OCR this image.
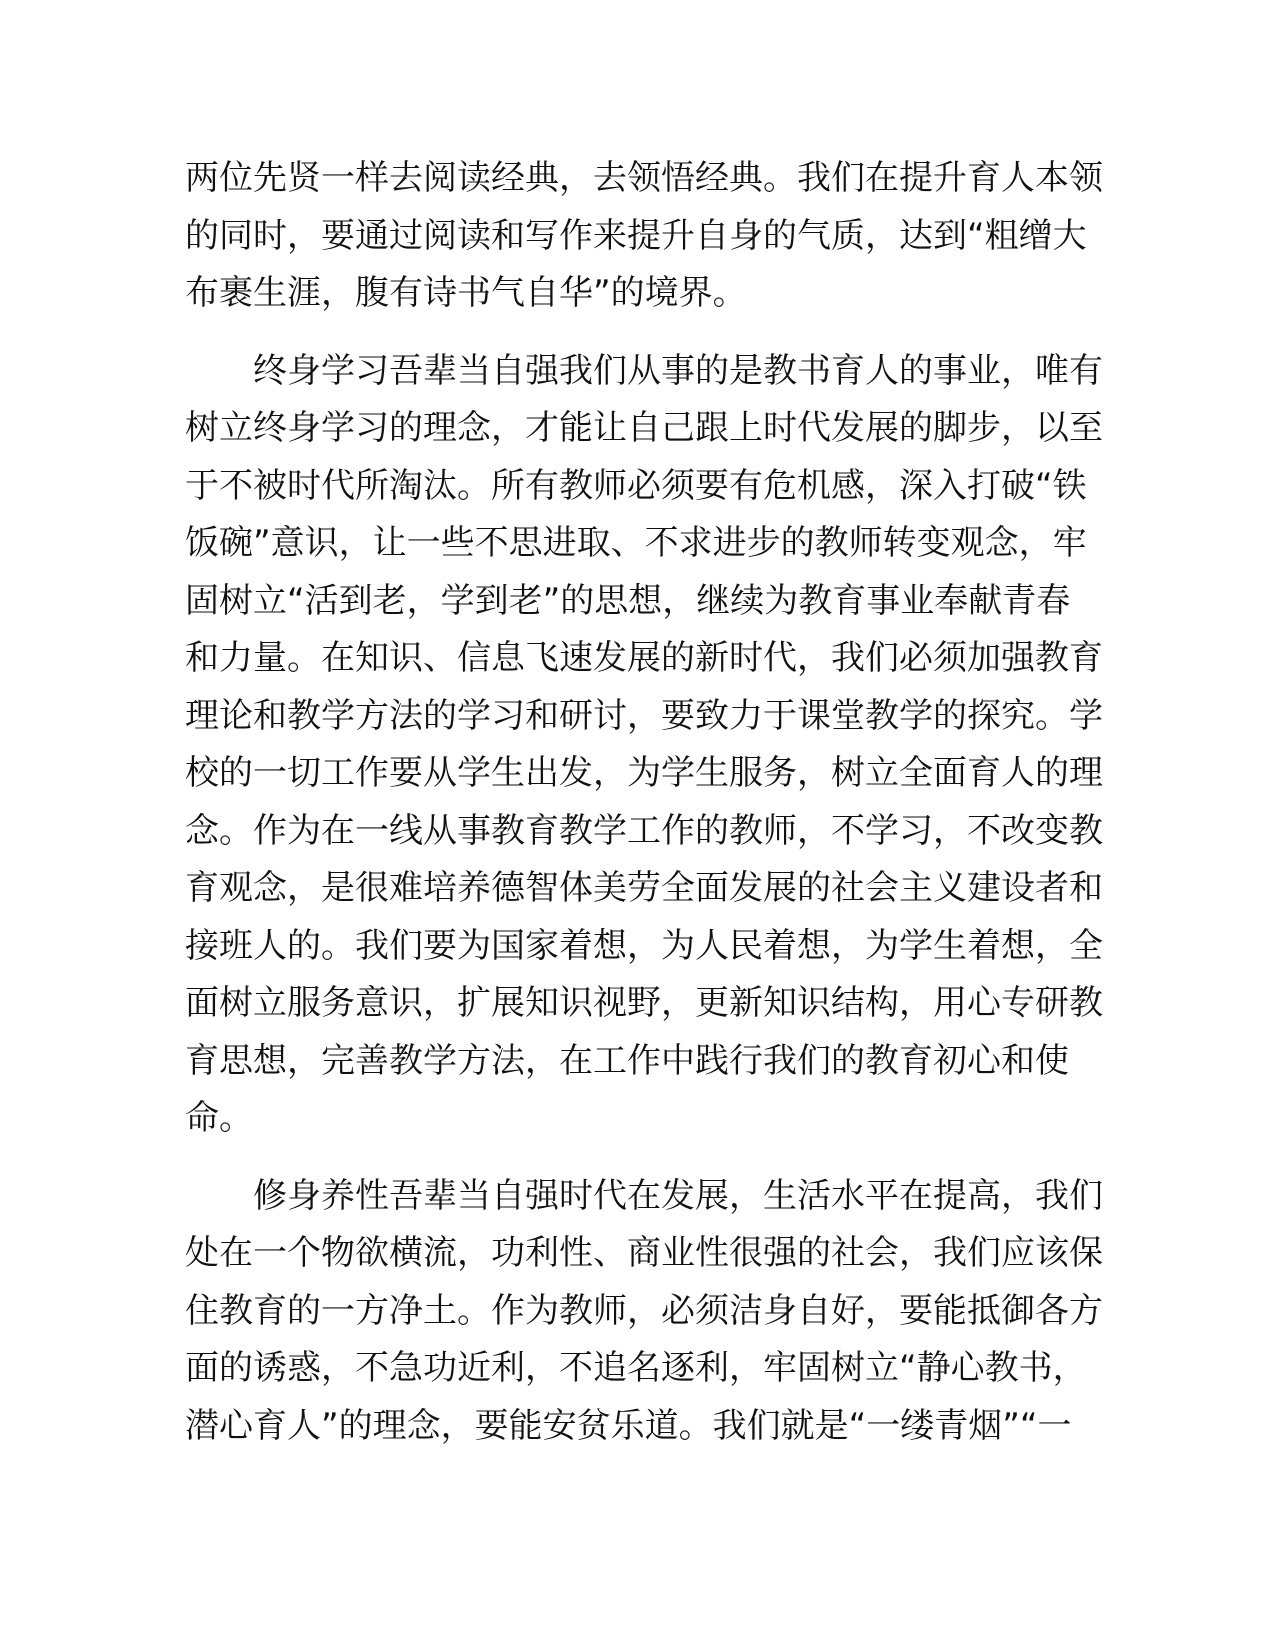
两位先贤一样去阅读经典，去领悟经典。我们在提升育人本领
的同时，要通过阅读和写作来提升自身的气质，达到“粗缯大
布裹生涯，腹有诗书气自华”的境界。
　　终身学习吾辈当自强我们从事的是教书育人的事业，唯有
树立终身学习的理念，才能让自己跟上时代发展的脚步，以至
于不被时代所淘汰。所有教师必须要有危机感，深入打破“铁
饭碗”意识，让一些不思进取、不求进步的教师转变观念，牢
固树立“活到老，学到老”的思想，继续为教育事业奉献青春
和力量。在知识、信息飞速发展的新时代，我们必须加强教育
理论和教学方法的学习和研讨，要致力于课堂教学的探究。学
校的一切工作要从学生出发，为学生服务，树立全面育人的理
念。作为在一线从事教育教学工作的教师，不学习，不改变教
育观念，是很难培养德智体美劳全面发展的社会主义建设者和
接班人的。我们要为国家着想，为人民着想，为学生着想，全
面树立服务意识，扩展知识视野，更新知识结构，用心专研教
育思想，完善教学方法，在工作中践行我们的教育初心和使
命。
　　修身养性吾辈当自强时代在发展，生活水平在提高，我们
处在一个物欲横流，功利性、商业性很强的社会，我们应该保
住教育的一方净土。作为教师，必须洁身自好，要能抵御各方
面的诱惑，不急功近利，不追名逐利，牢固树立“静心教书，
潜心育人”的理念，要能安贫乐道。我们就是“一缕青烟”“一
